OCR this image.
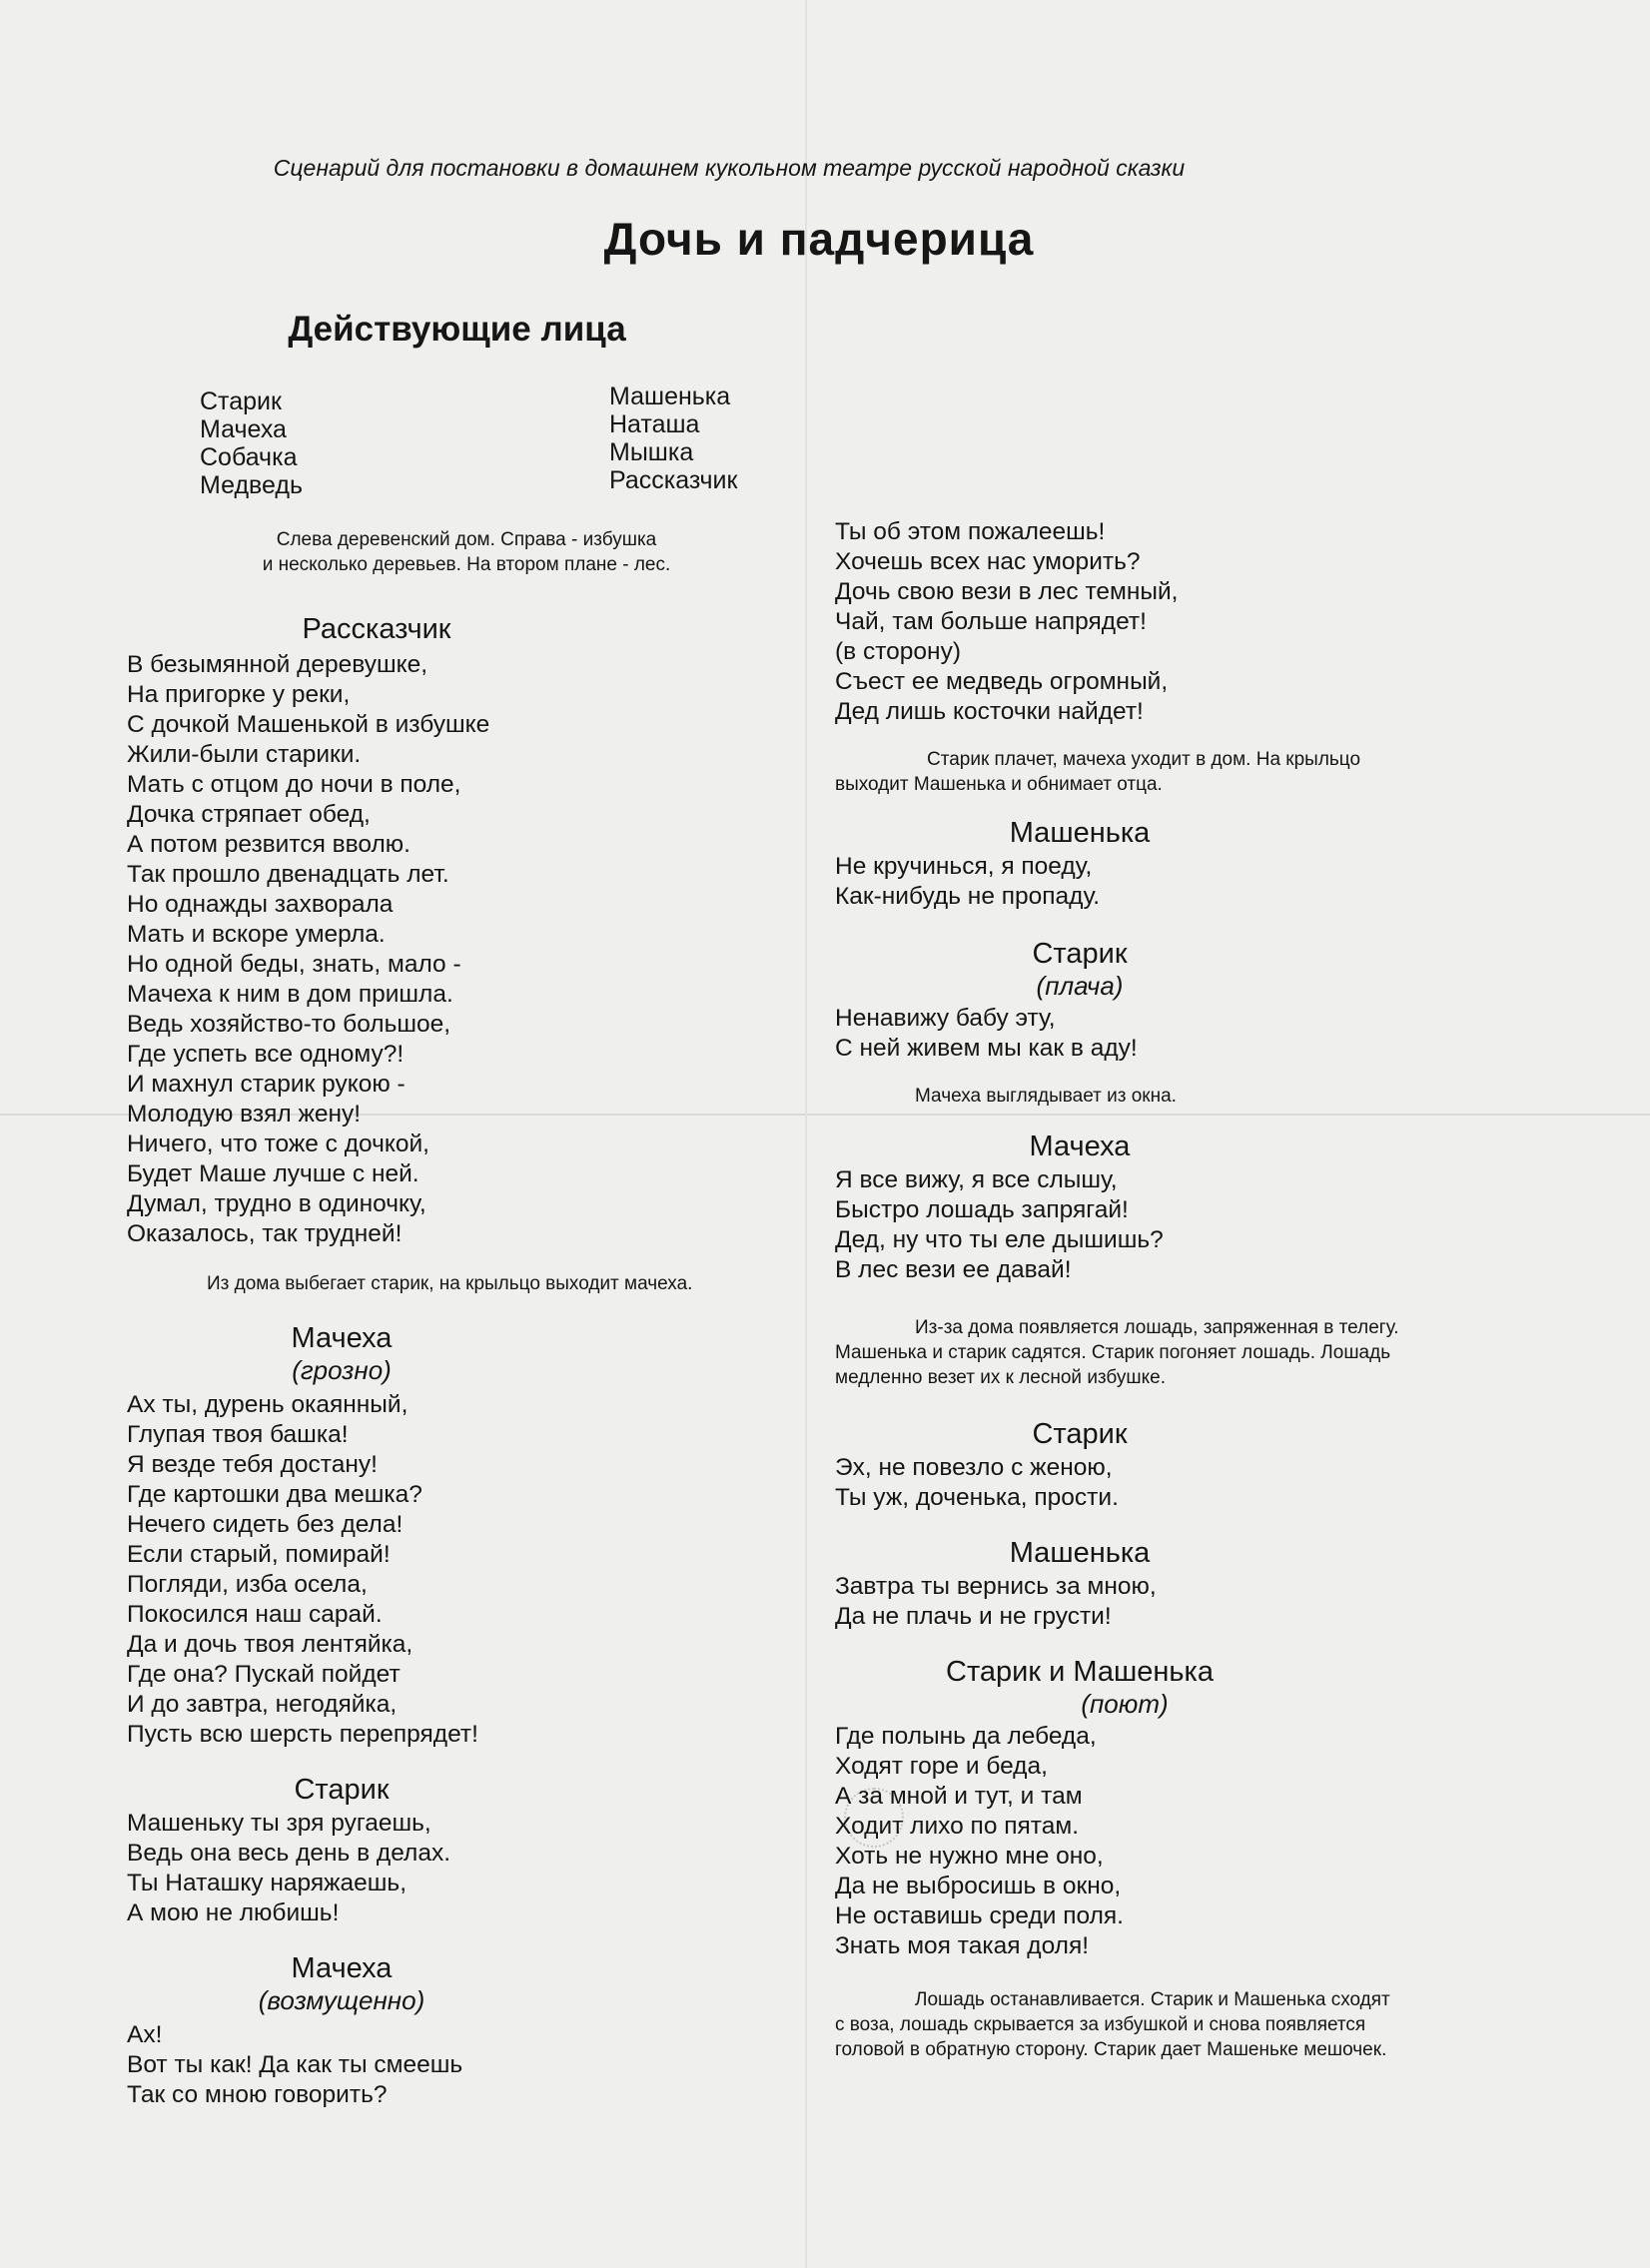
Сценарий для постановки в домашнем кукольном театре русской народной сказки
Дочь и падчерица
Действующие лица
Старик
Мачеха
Собачка
Медведь
Машенька
Наташа
Мышка
Рассказчик
Слева деревенский дом. Справа - избушка
и несколько деревьев. На втором плане - лес.
Рассказчик
В безымянной деревушке,
На пригорке у реки,
С дочкой Машенькой в избушке
Жили-были старики.
Мать с отцом до ночи в поле,
Дочка стряпает обед,
А потом резвится вволю.
Так прошло двенадцать лет.
Но однажды захворала
Мать и вскоре умерла.
Но одной беды, знать, мало -
Мачеха к ним в дом пришла.
Ведь хозяйство-то большое,
Где успеть все одному?!
И махнул старик рукою -
Молодую взял жену!
Ничего, что тоже с дочкой,
Будет Маше лучше с ней.
Думал, трудно в одиночку,
Оказалось, так трудней!
Из дома выбегает старик, на крыльцо выходит мачеха.
Мачеха
(грозно)
Ах ты, дурень окаянный,
Глупая твоя башка!
Я везде тебя достану!
Где картошки два мешка?
Нечего сидеть без дела!
Если старый, помирай!
Погляди, изба осела,
Покосился наш сарай.
Да и дочь твоя лентяйка,
Где она? Пускай пойдет
И до завтра, негодяйка,
Пусть всю шерсть перепрядет!
Старик
Машеньку ты зря ругаешь,
Ведь она весь день в делах.
Ты Наташку наряжаешь,
А мою не любишь!
Мачеха
(возмущенно)
Ах!
Вот ты как! Да как ты смеешь
Так со мною говорить?
Ты об этом пожалеешь!
Хочешь всех нас уморить?
Дочь свою вези в лес темный,
Чай, там больше напрядет!
(в сторону)
Съест ее медведь огромный,
Дед лишь косточки найдет!
Старик плачет, мачеха уходит в дом. На крыльцо
выходит Машенька и обнимает отца.
Машенька
Не кручинься, я поеду,
Как-нибудь не пропаду.
Старик
(плача)
Ненавижу бабу эту,
С ней живем мы как в аду!
Мачеха выглядывает из окна.
Мачеха
Я все вижу, я все слышу,
Быстро лошадь запрягай!
Дед, ну что ты еле дышишь?
В лес вези ее давай!
Из-за дома появляется лошадь, запряженная в телегу.
Машенька и старик садятся. Старик погоняет лошадь. Лошадь
медленно везет их к лесной избушке.
Старик
Эх, не повезло с женою,
Ты уж, доченька, прости.
Машенька
Завтра ты вернись за мною,
Да не плачь и не грусти!
Старик и Машенька
(поют)
Где полынь да лебеда,
Ходят горе и беда,
А за мной и тут, и там
Ходит лихо по пятам.
Хоть не нужно мне оно,
Да не выбросишь в окно,
Не оставишь среди поля.
Знать моя такая доля!
Лошадь останавливается. Старик и Машенька сходят
с воза, лошадь скрывается за избушкой и снова появляется
головой в обратную сторону. Старик дает Машеньке мешочек.
